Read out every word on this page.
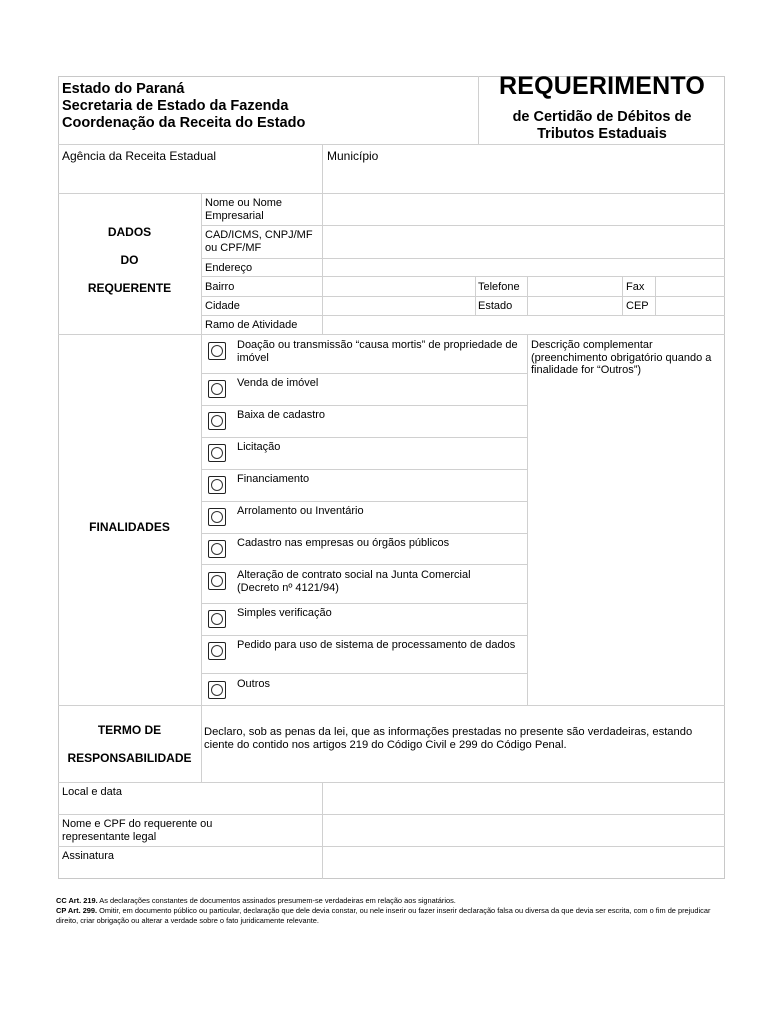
Estado do Paraná
Secretaria de Estado da Fazenda
Coordenação da Receita do Estado
REQUERIMENTO
de Certidão de Débitos de
Tributos Estaduais
Agência da Receita Estadual	Município
DADOS
DO
REQUERENTE
Nome ou Nome Empresarial
CAD/ICMS, CNPJ/MF ou CPF/MF
Endereço
Bairro	Telefone	Fax
Cidade	Estado	CEP
Ramo de Atividade
FINALIDADES
Descrição complementar (preenchimento obrigatório quando a finalidade for “Outros”)
Doação ou transmissão “causa mortis” de propriedade de imóvel
Venda de imóvel
Baixa de cadastro
Licitação
Financiamento
Arrolamento ou Inventário
Cadastro nas empresas ou órgãos públicos
Alteração de contrato social na Junta Comercial (Decreto nº 4121/94)
Simples verificação
Pedido para uso de sistema de processamento de dados
Outros
TERMO DE
RESPONSABILIDADE
Declaro, sob as penas da lei, que as informações prestadas no presente são verdadeiras, estando ciente do contido nos artigos 219 do Código Civil e 299 do Código Penal.
Local e data
Nome e CPF do requerente ou representante legal
Assinatura
CC Art. 219. As declarações constantes de documentos assinados presumem-se verdadeiras em relação aos signatários.
CP Art. 299. Omitir, em documento público ou particular, declaração que dele devia constar, ou nele inserir ou fazer inserir declaração falsa ou diversa da que devia ser escrita, com o fim de prejudicar direito, criar obrigação ou alterar a verdade sobre o fato juridicamente relevante.
